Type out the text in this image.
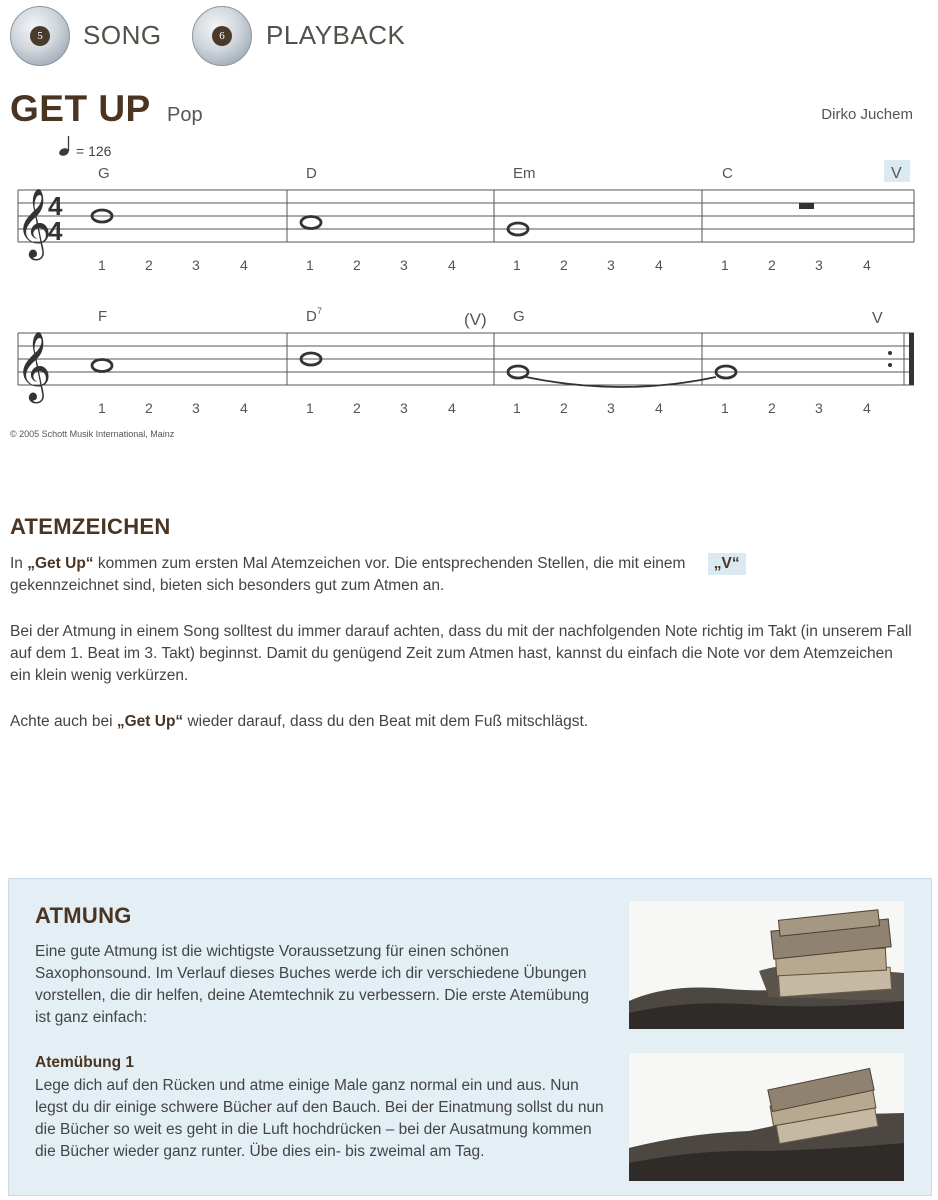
5 SONG	6 PLAYBACK
GET UP Pop	Dirko Juchem
= 126
𝄞
4
4
G	D	Em	C	V
1	2	3	4	1	2	3	4	1	2	3	4	1	2	3	4
𝄞
F	D 7	(V) G	V
1	2	3	4	1	2	3	4	1	2	3	4	1	2	3	4
© 2005 Schott Musik International, Mainz
ATEMZEICHEN

In „Get Up“ kommen zum ersten Mal Atemzeichen vor. Die entsprechenden Stellen, die mit einem „V“
gekennzeichnet sind, bieten sich besonders gut zum Atmen an.

Bei der Atmung in einem Song solltest du immer darauf achten, dass du mit der nachfolgenden Note richtig im Takt (in unserem Fall auf dem 1. Beat im 3. Takt) beginnst. Damit du genügend Zeit zum Atmen hast, kannst du einfach die Note vor dem Atemzeichen ein klein wenig verkürzen.

Achte auch bei „Get Up“ wieder darauf, dass du den Beat mit dem Fuß mitschlägst.

ATMUNG

Eine gute Atmung ist die wichtigste Voraussetzung für einen schönen Saxophonsound. Im Verlauf dieses Buches werde ich dir verschiedene Übungen vorstellen, die dir helfen, deine Atemtechnik zu verbessern. Die erste Atemübung ist ganz einfach:

Atemübung 1

Lege dich auf den Rücken und atme einige Male ganz normal ein und aus. Nun legst du dir einige schwere Bücher auf den Bauch. Bei der Einatmung sollst du nun die Bücher so weit es geht in die Luft hochdrücken – bei der Ausatmung kommen die Bücher wieder ganz runter. Übe dies ein- bis zweimal am Tag.
